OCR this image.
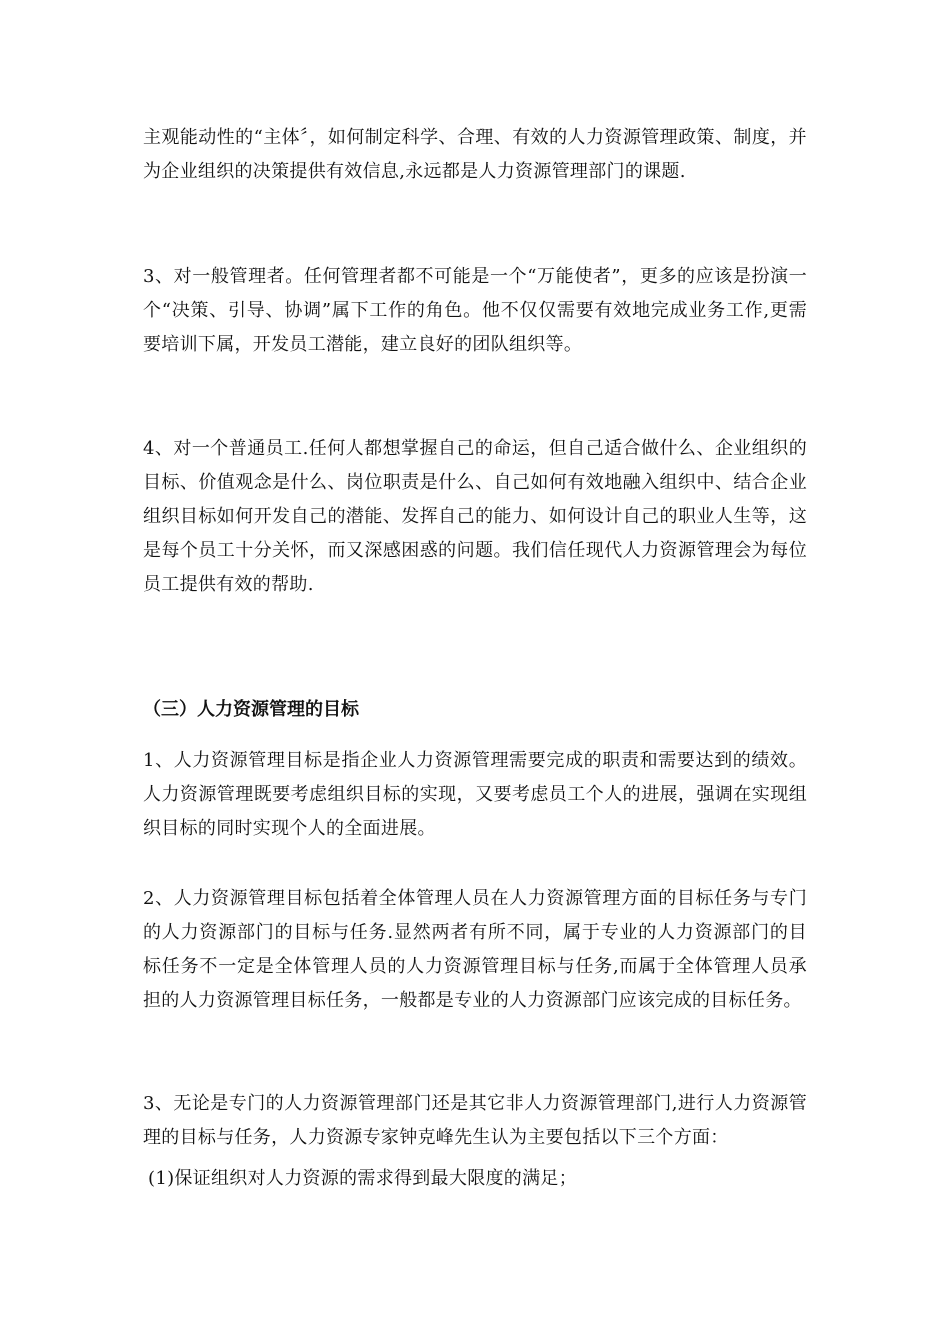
主观能动性的“主体〞，如何制定科学、合理、有效的人力资源管理政策、制度，并为企业组织的决策提供有效信息,永远都是人力资源管理部门的课题.

3、对一般管理者。任何管理者都不可能是一个“万能使者”，更多的应该是扮演一个“决策、引导、协调”属下工作的角色。他不仅仅需要有效地完成业务工作,更需要培训下属，开发员工潜能，建立良好的团队组织等。

4、对一个普通员工.任何人都想掌握自己的命运，但自己适合做什么、企业组织的目标、价值观念是什么、岗位职责是什么、自己如何有效地融入组织中、结合企业组织目标如何开发自己的潜能、发挥自己的能力、如何设计自己的职业人生等，这是每个员工十分关怀，而又深感困惑的问题。我们信任现代人力资源管理会为每位员工提供有效的帮助.

（三）人力资源管理的目标

1、人力资源管理目标是指企业人力资源管理需要完成的职责和需要达到的绩效。人力资源管理既要考虑组织目标的实现，又要考虑员工个人的进展，强调在实现组织目标的同时实现个人的全面进展。

2、人力资源管理目标包括着全体管理人员在人力资源管理方面的目标任务与专门的人力资源部门的目标与任务.显然两者有所不同，属于专业的人力资源部门的目标任务不一定是全体管理人员的人力资源管理目标与任务,而属于全体管理人员承担的人力资源管理目标任务，一般都是专业的人力资源部门应该完成的目标任务。

3、无论是专门的人力资源管理部门还是其它非人力资源管理部门,进行人力资源管理的目标与任务，人力资源专家钟克峰先生认为主要包括以下三个方面：

(1)保证组织对人力资源的需求得到最大限度的满足；
